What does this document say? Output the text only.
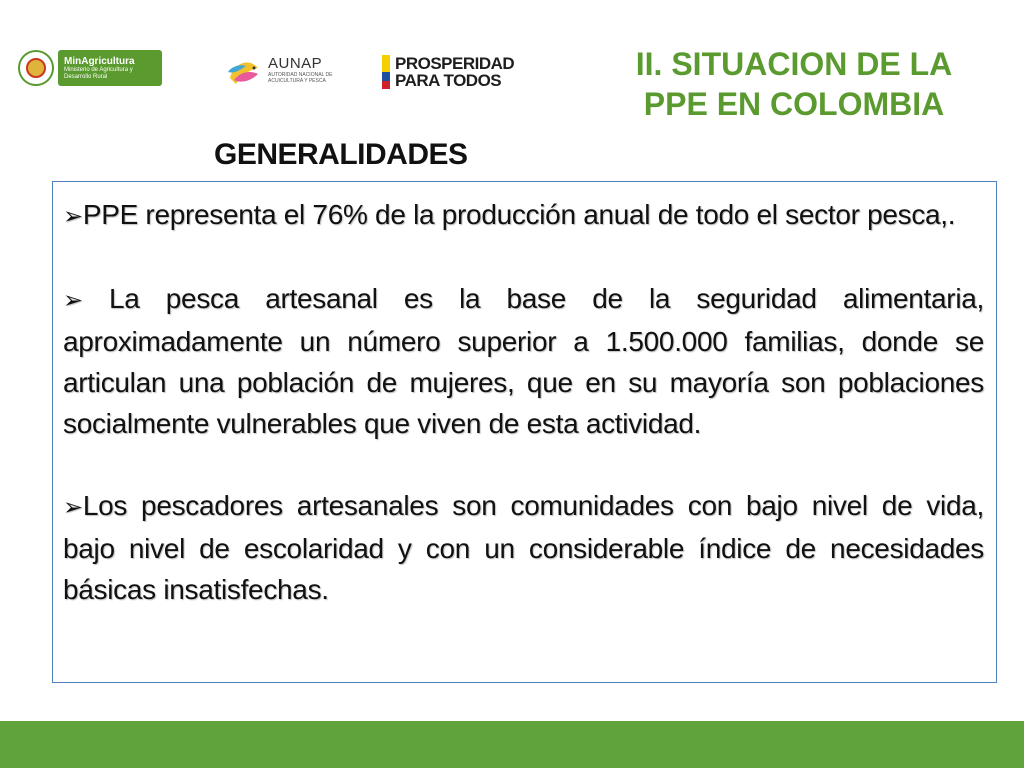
MinAgricultura
Ministerio de Agricultura y Desarrollo Rural
AUNAP
AUTORIDAD NACIONAL DE ACUICULTURA Y PESCA
PROSPERIDAD
PARA TODOS	II. SITUACION DE LA
PPE EN COLOMBIA
GENERALIDADES

➢PPE representa el 76% de la producción anual de todo el sector pesca,.

➢ La pesca artesanal es la base de la seguridad alimentaria, aproximadamente un número superior a 1.500.000 familias, donde se articulan una población de mujeres, que en su mayoría son poblaciones socialmente vulnerables que viven de esta actividad.

➢Los pescadores artesanales son comunidades con bajo nivel de vida, bajo nivel de escolaridad y con un considerable índice de necesidades básicas insatisfechas.
